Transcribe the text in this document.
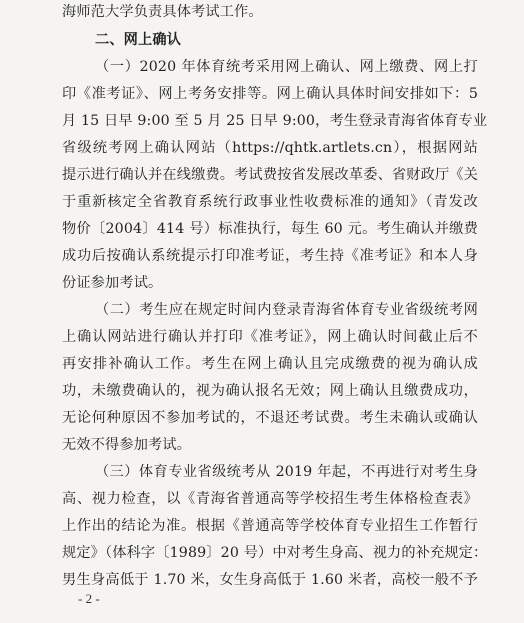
海师范大学负责具体考试工作。
二、网上确认
（一）2020 年体育统考采用网上确认、网上缴费、网上打
印《准考证》、网上考务安排等。网上确认具体时间安排如下：5
月 15 日早 9:00 至 5 月 25 日早 9:00，考生登录青海省体育专业
省级统考网上确认网站（https://qhtk.artlets.cn），根据网站
提示进行确认并在线缴费。考试费按省发展改革委、省财政厅《关
于重新核定全省教育系统行政事业性收费标准的通知》（青发改
物价〔2004〕414 号）标准执行，每生 60 元。考生确认并缴费
成功后按确认系统提示打印准考证，考生持《准考证》和本人身
份证参加考试。
（二）考生应在规定时间内登录青海省体育专业省级统考网
上确认网站进行确认并打印《准考证》，网上确认时间截止后不
再安排补确认工作。考生在网上确认且完成缴费的视为确认成
功，未缴费确认的，视为确认报名无效；网上确认且缴费成功，
无论何种原因不参加考试的，不退还考试费。考生未确认或确认
无效不得参加考试。
（三）体育专业省级统考从 2019 年起，不再进行对考生身
高、视力检查，以《青海省普通高等学校招生考生体格检查表》
上作出的结论为准。根据《普通高等学校体育专业招生工作暂行
规定》（体科字〔1989〕20 号）中对考生身高、视力的补充规定：
男生身高低于 1.70 米，女生身高低于 1.60 米者，高校一般不予
- 2 -
